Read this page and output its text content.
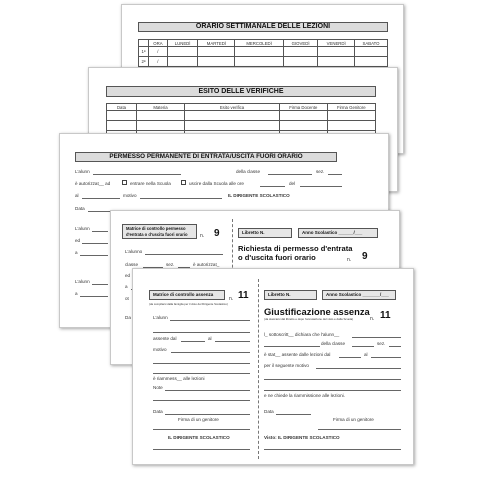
ORARIO SETTIMANALE DELLE LEZIONI
	ORA	LUNEDÌ	MARTEDÌ	MERCOLEDÌ	GIOVEDÌ	VENERDÌ	SABATO
1ª	/						
2ª	/						

ESITO DELLE VERIFICHE
Data	Materia	Esito verifica	Firma Docente	Firma Genitore

PERMESSO PERMANENTE DI ENTRATA/USCITA FUORI ORARIO
L'alunn	della classe	sez.
è autorizzat__ ad	entrare nella Scuola	uscire dalla Scuola alle ore	del
al	motivo	IL DIRIGENTE SCOLASTICO
Data
L'alunn
ed
a
L'alunn
a
Matrice di controllo permesso d'entrata o d'uscita fuori orario	n. 9
L'alunno
classe	sez.	è autorizzat_
ed
a
ot
Da
Libretto N.	Anno Scolastico ______/___
Richiesta di permesso d'entrata
o d'uscita fuori orario	n. 9
Matrice di controllo assenza
(da compilarsi dalla famiglia per il visto del Dirigente Scolastico)
n. 11
L'alunn
assente dal	al
motivo
è riammess__ alle lezioni
Note
Data
Firma di un genitore
IL DIRIGENTE SCOLASTICO
Libretto N.	Anno Scolastico _______/___
Giustificazione assenza
(da staccarsi dal libretto e dopo l'annotazione del visto e dalla Scuola)	n. 11
l_ sottoscritt__ dichiara che l'alunn__
della classe	sez.
è stat__ assente dalle lezioni dal	al
per il seguente motivo
e ne chiede la riammissione alle lezioni.
Data
Firma di un genitore
Visto: IL DIRIGENTE SCOLASTICO
